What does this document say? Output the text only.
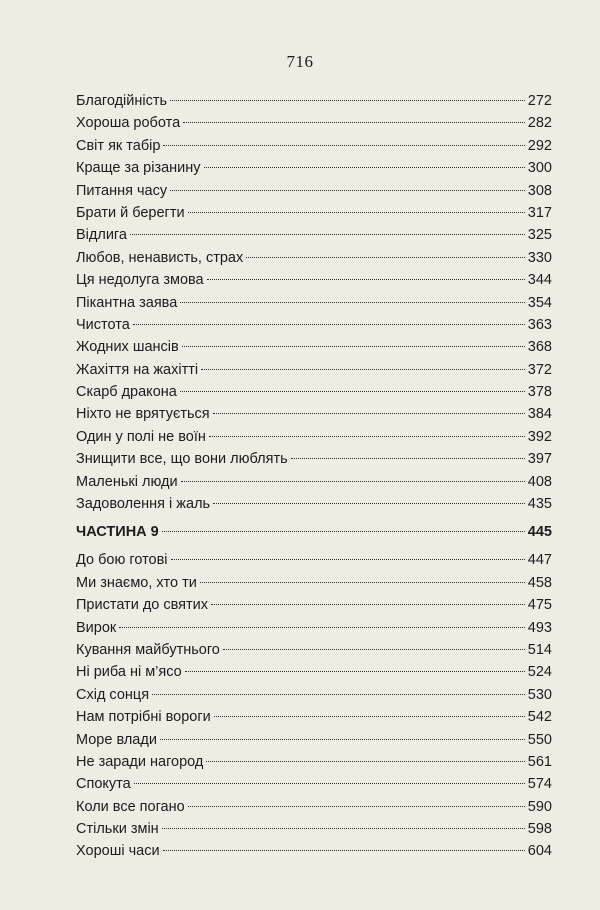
716
Благодійність	272
Хороша робота	282
Світ як табір	292
Краще за різанину	300
Питання часу	308
Брати й берегти	317
Відлига	325
Любов, ненависть, страх	330
Ця недолуга змова	344
Пікантна заява	354
Чистота	363
Жодних шансів	368
Жахіття на жахітті	372
Скарб дракона	378
Ніхто не врятується	384
Один у полі не воїн	392
Знищити все, що вони люблять	397
Маленькі люди	408
Задоволення і жаль	435
ЧАСТИНА 9	445
До бою готові	447
Ми знаємо, хто ти	458
Пристати до святих	475
Вирок	493
Кування майбутнього	514
Ні риба ні м’ясо	524
Схід сонця	530
Нам потрібні вороги	542
Море влади	550
Не заради нагород	561
Спокута	574
Коли все погано	590
Стільки змін	598
Хороші часи	604
